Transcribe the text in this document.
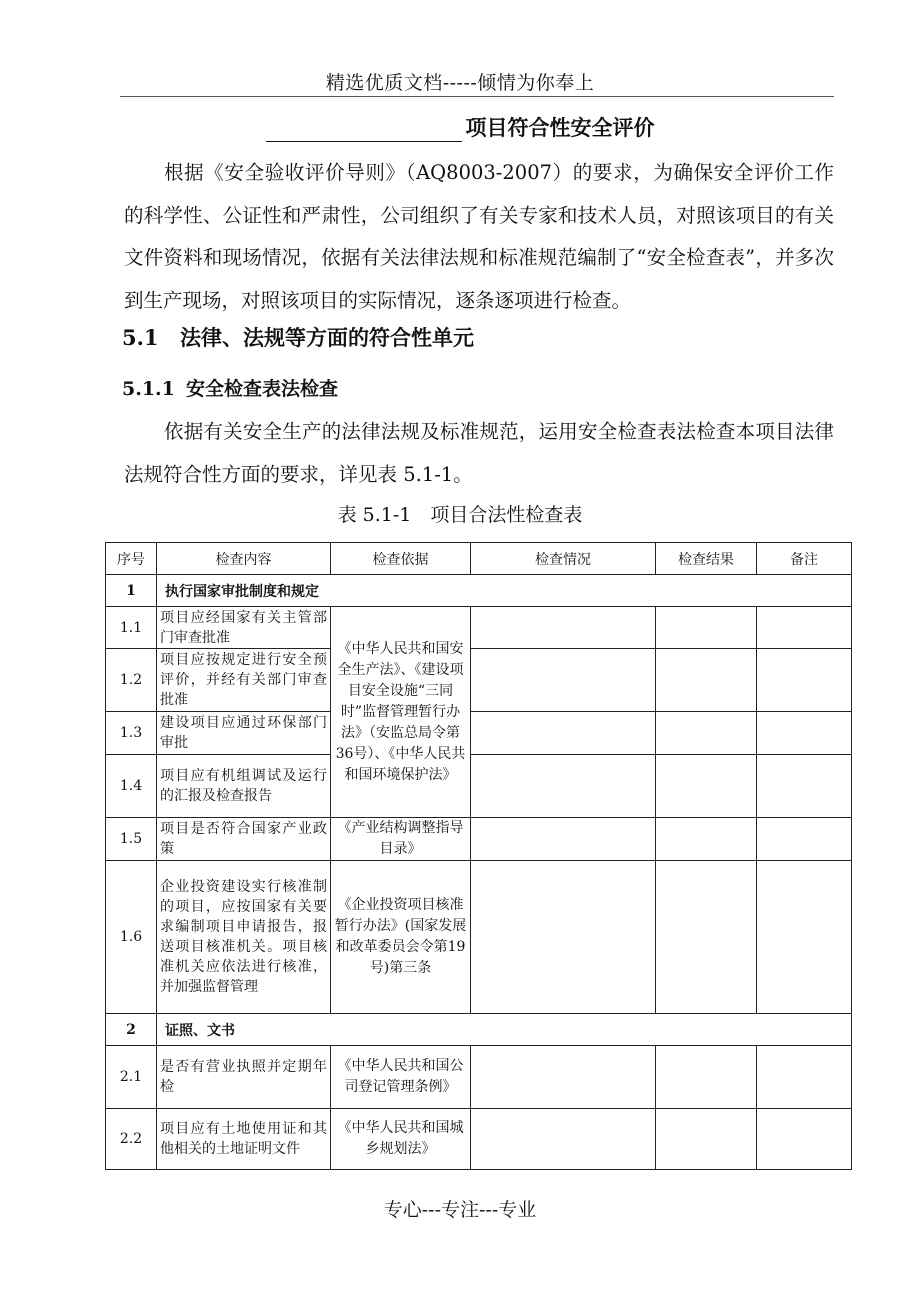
精选优质文档-----倾情为你奉上
项目符合性安全评价

根据《安全验收评价导则》（AQ8003-2007）的要求，为确保安全评价工作的科学性、公证性和严肃性，公司组织了有关专家和技术人员，对照该项目的有关文件资料和现场情况，依据有关法律法规和标准规范编制了“安全检查表”，并多次到生产现场，对照该项目的实际情况，逐条逐项进行检查。

5.1 法律、法规等方面的符合性单元
5.1.1 安全检查表法检查

依据有关安全生产的法律法规及标准规范，运用安全检查表法检查本项目法律法规符合性方面的要求，详见表 5.1-1。

表 5.1-1　项目合法性检查表
序号	检查内容	检查依据	检查情况	检查结果	备注
1	执行国家审批制度和规定				
1.1	项目应经国家有关主管部门审查批准	《中华人民共和国安全生产法》、《建设项目安全设施“三同时”监督管理暂行办法》（安监总局令第36号）、《中华人民共和国环境保护法》			
1.2	项目应按规定进行安全预评价，并经有关部门审查批准				
1.3	建设项目应通过环保部门审批				
1.4	项目应有机组调试及运行的汇报及检查报告				
1.5	项目是否符合国家产业政策	《产业结构调整指导目录》			
1.6	企业投资建设实行核准制的项目，应按国家有关要求编制项目申请报告，报送项目核准机关。项目核准机关应依法进行核准，并加强监督管理	《企业投资项目核准暂行办法》(国家发展和改革委员会令第19号)第三条			
2	证照、文书				
2.1	是否有营业执照并定期年检	《中华人民共和国公司登记管理条例》			
2.2	项目应有土地使用证和其他相关的土地证明文件	《中华人民共和国城乡规划法》			
专心---专注---专业
